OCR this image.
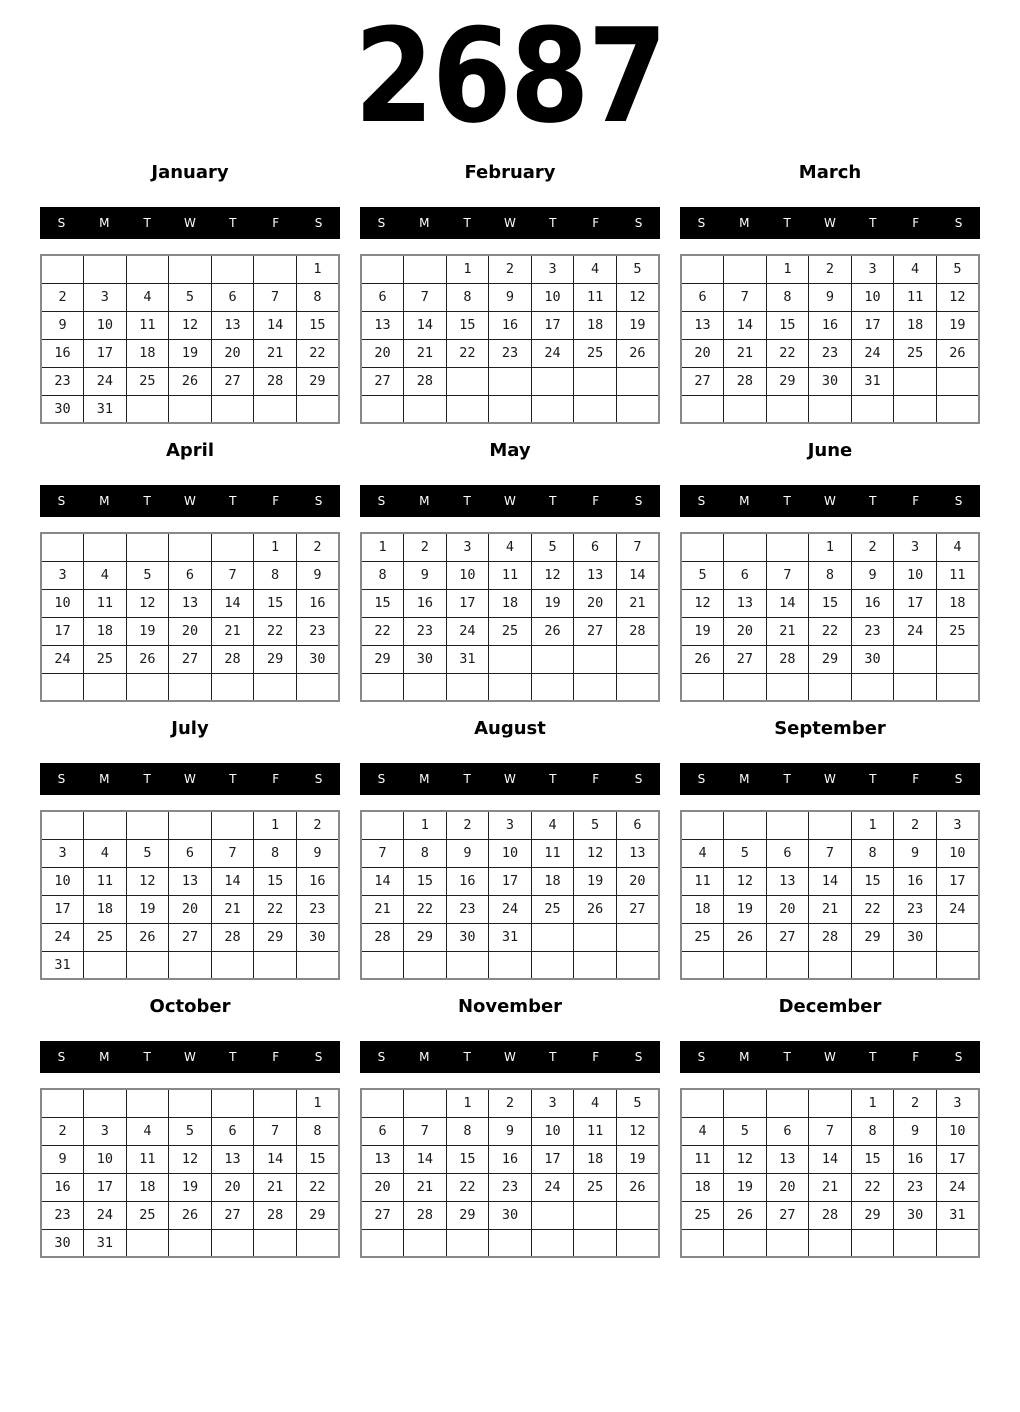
2687
January
S	M	T	W	T	F	S
						1
2	3	4	5	6	7	8
9	10	11	12	13	14	15
16	17	18	19	20	21	22
23	24	25	26	27	28	29
30	31					
February
S	M	T	W	T	F	S
		1	2	3	4	5
6	7	8	9	10	11	12
13	14	15	16	17	18	19
20	21	22	23	24	25	26
27	28					

March
S	M	T	W	T	F	S
		1	2	3	4	5
6	7	8	9	10	11	12
13	14	15	16	17	18	19
20	21	22	23	24	25	26
27	28	29	30	31		

April
S	M	T	W	T	F	S
					1	2
3	4	5	6	7	8	9
10	11	12	13	14	15	16
17	18	19	20	21	22	23
24	25	26	27	28	29	30

May
S	M	T	W	T	F	S
1	2	3	4	5	6	7
8	9	10	11	12	13	14
15	16	17	18	19	20	21
22	23	24	25	26	27	28
29	30	31				

June
S	M	T	W	T	F	S
			1	2	3	4
5	6	7	8	9	10	11
12	13	14	15	16	17	18
19	20	21	22	23	24	25
26	27	28	29	30		

July
S	M	T	W	T	F	S
					1	2
3	4	5	6	7	8	9
10	11	12	13	14	15	16
17	18	19	20	21	22	23
24	25	26	27	28	29	30
31						
August
S	M	T	W	T	F	S
	1	2	3	4	5	6
7	8	9	10	11	12	13
14	15	16	17	18	19	20
21	22	23	24	25	26	27
28	29	30	31			

September
S	M	T	W	T	F	S
				1	2	3
4	5	6	7	8	9	10
11	12	13	14	15	16	17
18	19	20	21	22	23	24
25	26	27	28	29	30	

October
S	M	T	W	T	F	S
						1
2	3	4	5	6	7	8
9	10	11	12	13	14	15
16	17	18	19	20	21	22
23	24	25	26	27	28	29
30	31					
November
S	M	T	W	T	F	S
		1	2	3	4	5
6	7	8	9	10	11	12
13	14	15	16	17	18	19
20	21	22	23	24	25	26
27	28	29	30			

December
S	M	T	W	T	F	S
				1	2	3
4	5	6	7	8	9	10
11	12	13	14	15	16	17
18	19	20	21	22	23	24
25	26	27	28	29	30	31
